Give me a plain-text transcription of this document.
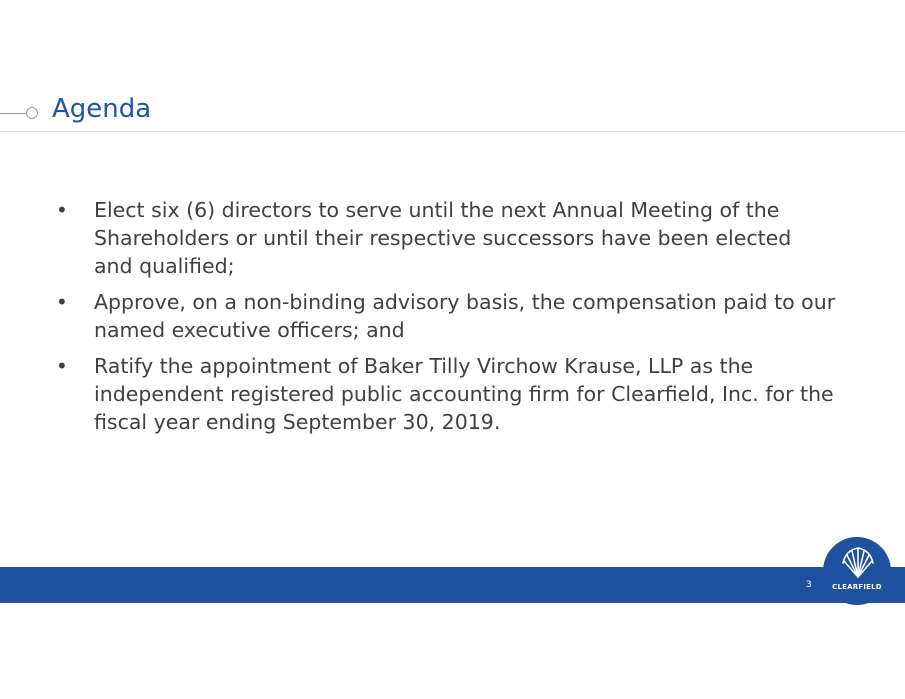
Agenda
•	Elect six (6) directors to serve until the next Annual Meeting of the Shareholders or until their respective successors have been elected and qualified;
•	Approve, on a non-binding advisory basis, the compensation paid to our named executive officers; and
•	Ratify the appointment of Baker Tilly Virchow Krause, LLP as the independent registered public accounting firm for Clearfield, Inc. for the fiscal year ending September 30, 2019.
3	CLEARFIELD
